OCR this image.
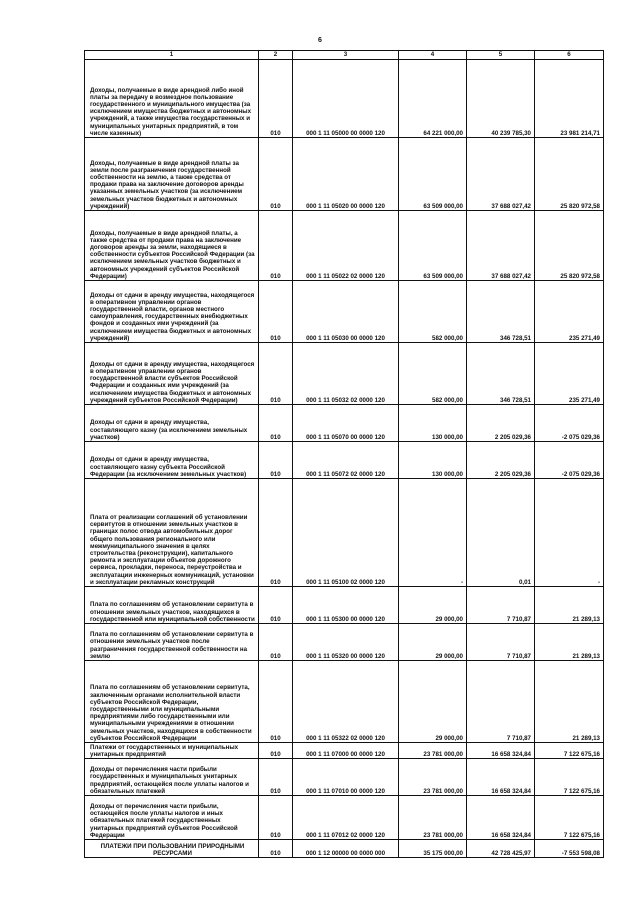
6
1	2	3	4	5	6
Доходы, получаемые в виде арендной либо иной платы за передачу в возмездное пользование государственного и муниципального имущества (за исключением имущества бюджетных и автономных учреждений, а также имущества государственных и муниципальных унитарных предприятий, в том числе казенных)	010	000 1 11 05000 00 0000 120	64 221 000,00	40 239 785,30	23 981 214,71
Доходы, получаемые в виде арендной платы за земли после разграничения государственной собственности на землю, а также средства от продажи права на заключение договоров аренды указанных земельных участков (за исключением земельных участков бюджетных и автономных учреждений)	010	000 1 11 05020 00 0000 120	63 509 000,00	37 688 027,42	25 820 972,58
Доходы, получаемые в виде арендной платы, а также средства от продажи права на заключение договоров аренды за земли, находящиеся в собственности субъектов Российской Федерации (за исключением земельных участков бюджетных и автономных учреждений субъектов Российской Федерации)	010	000 1 11 05022 02 0000 120	63 509 000,00	37 688 027,42	25 820 972,58
Доходы от сдачи в аренду имущества, находящегося в оперативном управлении органов государственной власти, органов местного самоуправления, государственных внебюджетных фондов и созданных ими учреждений (за исключением имущества бюджетных и автономных учреждений)	010	000 1 11 05030 00 0000 120	582 000,00	346 728,51	235 271,49
Доходы от сдачи в аренду имущества, находящегося в оперативном управлении органов государственной власти субъектов Российской Федерации и созданных ими учреждений (за исключением имущества бюджетных и автономных учреждений субъектов Российской Федерации)	010	000 1 11 05032 02 0000 120	582 000,00	346 728,51	235 271,49
Доходы от сдачи в аренду имущества, составляющего казну (за исключением земельных участков)	010	000 1 11 05070 00 0000 120	130 000,00	2 205 029,36	-2 075 029,36
Доходы от сдачи в аренду имущества, составляющего казну субъекта Российской Федерации (за исключением земельных участков)	010	000 1 11 05072 02 0000 120	130 000,00	2 205 029,36	-2 075 029,36
Плата от реализации соглашений об установлении сервитутов в отношении земельных участков в границах полос отвода автомобильных дорог общего пользования регионального или межмуниципального значения в целях строительства (реконструкции), капитального ремонта и эксплуатации объектов дорожного сервиса, прокладки, переноса, переустройства и эксплуатации инженерных коммуникаций, установки и эксплуатации рекламных конструкций	010	000 1 11 05100 02 0000 120	-	0,01	-
Плата по соглашениям об установлении сервитута в отношении земельных участков, находящихся в государственной или муниципальной собственности	010	000 1 11 05300 00 0000 120	29 000,00	7 710,87	21 289,13
Плата по соглашениям об установлении сервитута в отношении земельных участков после разграничения государственной собственности на землю	010	000 1 11 05320 00 0000 120	29 000,00	7 710,87	21 289,13
Плата по соглашениям об установлении сервитута, заключенным органами исполнительной власти субъектов Российской Федерации, государственными или муниципальными предприятиями либо государственными или муниципальными учреждениями в отношении земельных участков, находящихся в собственности субъектов Российской Федерации	010	000 1 11 05322 02 0000 120	29 000,00	7 710,87	21 289,13
Платежи от государственных и муниципальных унитарных предприятий	010	000 1 11 07000 00 0000 120	23 781 000,00	16 658 324,84	7 122 675,16
Доходы от перечисления части прибыли государственных и муниципальных унитарных предприятий, остающейся после уплаты налогов и обязательных платежей	010	000 1 11 07010 00 0000 120	23 781 000,00	16 658 324,84	7 122 675,16
Доходы от перечисления части прибыли, остающейся после уплаты налогов и иных обязательных платежей государственных унитарных предприятий субъектов Российской Федерации	010	000 1 11 07012 02 0000 120	23 781 000,00	16 658 324,84	7 122 675,16
ПЛАТЕЖИ ПРИ ПОЛЬЗОВАНИИ ПРИРОДНЫМИ РЕСУРСАМИ	010	000 1 12 00000 00 0000 000	35 175 000,00	42 728 425,97	-7 553 598,08
